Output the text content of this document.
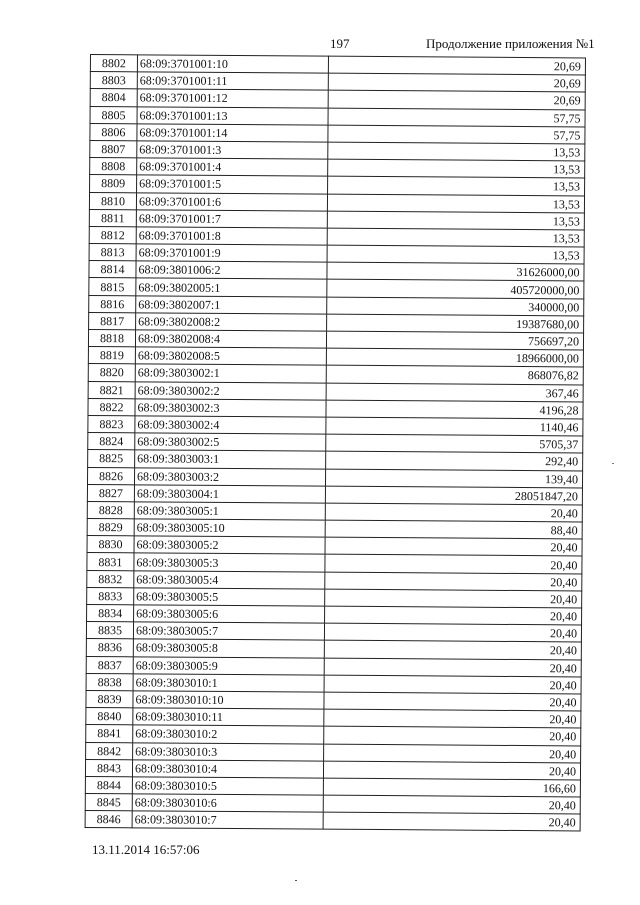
197	Продолжение приложения №1
8802	68:09:3701001:10	20,69
8803	68:09:3701001:11	20,69
8804	68:09:3701001:12	20,69
8805	68:09:3701001:13	57,75
8806	68:09:3701001:14	57,75
8807	68:09:3701001:3	13,53
8808	68:09:3701001:4	13,53
8809	68:09:3701001:5	13,53
8810	68:09:3701001:6	13,53
8811	68:09:3701001:7	13,53
8812	68:09:3701001:8	13,53
8813	68:09:3701001:9	13,53
8814	68:09:3801006:2	31626000,00
8815	68:09:3802005:1	405720000,00
8816	68:09:3802007:1	340000,00
8817	68:09:3802008:2	19387680,00
8818	68:09:3802008:4	756697,20
8819	68:09:3802008:5	18966000,00
8820	68:09:3803002:1	868076,82
8821	68:09:3803002:2	367,46
8822	68:09:3803002:3	4196,28
8823	68:09:3803002:4	1140,46
8824	68:09:3803002:5	5705,37
8825	68:09:3803003:1	292,40
8826	68:09:3803003:2	139,40
8827	68:09:3803004:1	28051847,20
8828	68:09:3803005:1	20,40
8829	68:09:3803005:10	88,40
8830	68:09:3803005:2	20,40
8831	68:09:3803005:3	20,40
8832	68:09:3803005:4	20,40
8833	68:09:3803005:5	20,40
8834	68:09:3803005:6	20,40
8835	68:09:3803005:7	20,40
8836	68:09:3803005:8	20,40
8837	68:09:3803005:9	20,40
8838	68:09:3803010:1	20,40
8839	68:09:3803010:10	20,40
8840	68:09:3803010:11	20,40
8841	68:09:3803010:2	20,40
8842	68:09:3803010:3	20,40
8843	68:09:3803010:4	20,40
8844	68:09:3803010:5	166,60
8845	68:09:3803010:6	20,40
8846	68:09:3803010:7	20,40
13.11.2014 16:57:06
